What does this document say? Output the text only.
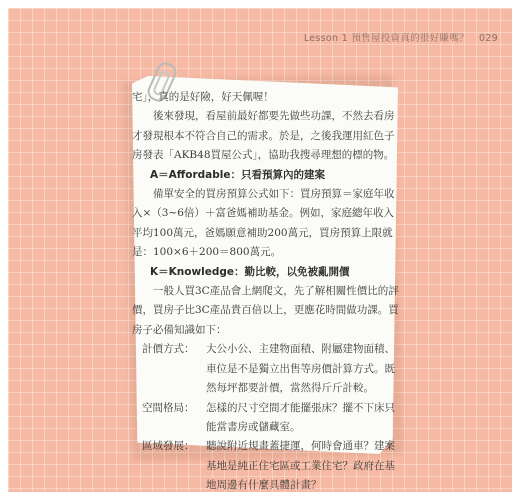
Lesson 1 預售屋投資真的很好賺嗎？ 029

宅」，真的是好險，好天佩喔！

後來發現，看屋前最好都要先做些功課，不然去看房才發現根本不符合自己的需求。於是，之後我運用紅色子房發表「AKB48買屋公式」，協助我搜尋理想的標的物。

A＝Affordable：只看預算內的建案

備單安全的買房預算公式如下：買房預算＝家庭年收入×（3∼6倍）＋富爸媽補助基金。例如，家庭總年收入平均100萬元，爸媽願意補助200萬元，買房預算上限就是：100×6＋200＝800萬元。

K＝Knowledge：勤比較，以免被亂開價

一般人買3C產品會上網爬文，先了解相關性價比的評價，買房子比3C產品貴百倍以上，更應花時間做功課。買房子必備知識如下：

計價方式：	大公小公、主建物面積、附屬建物面積、車位是不是獨立出售等房價計算方式。既然每坪都要計價，當然得斤斤計較。
空間格局：	怎樣的尺寸空間才能擺張床？擺不下床只能當書房或儲藏室。
區域發展：	聽說附近規畫蓋捷運，何時會通車？建案基地是純正住宅區或工業住宅？政府在基地周邊有什麼具體計畫？
